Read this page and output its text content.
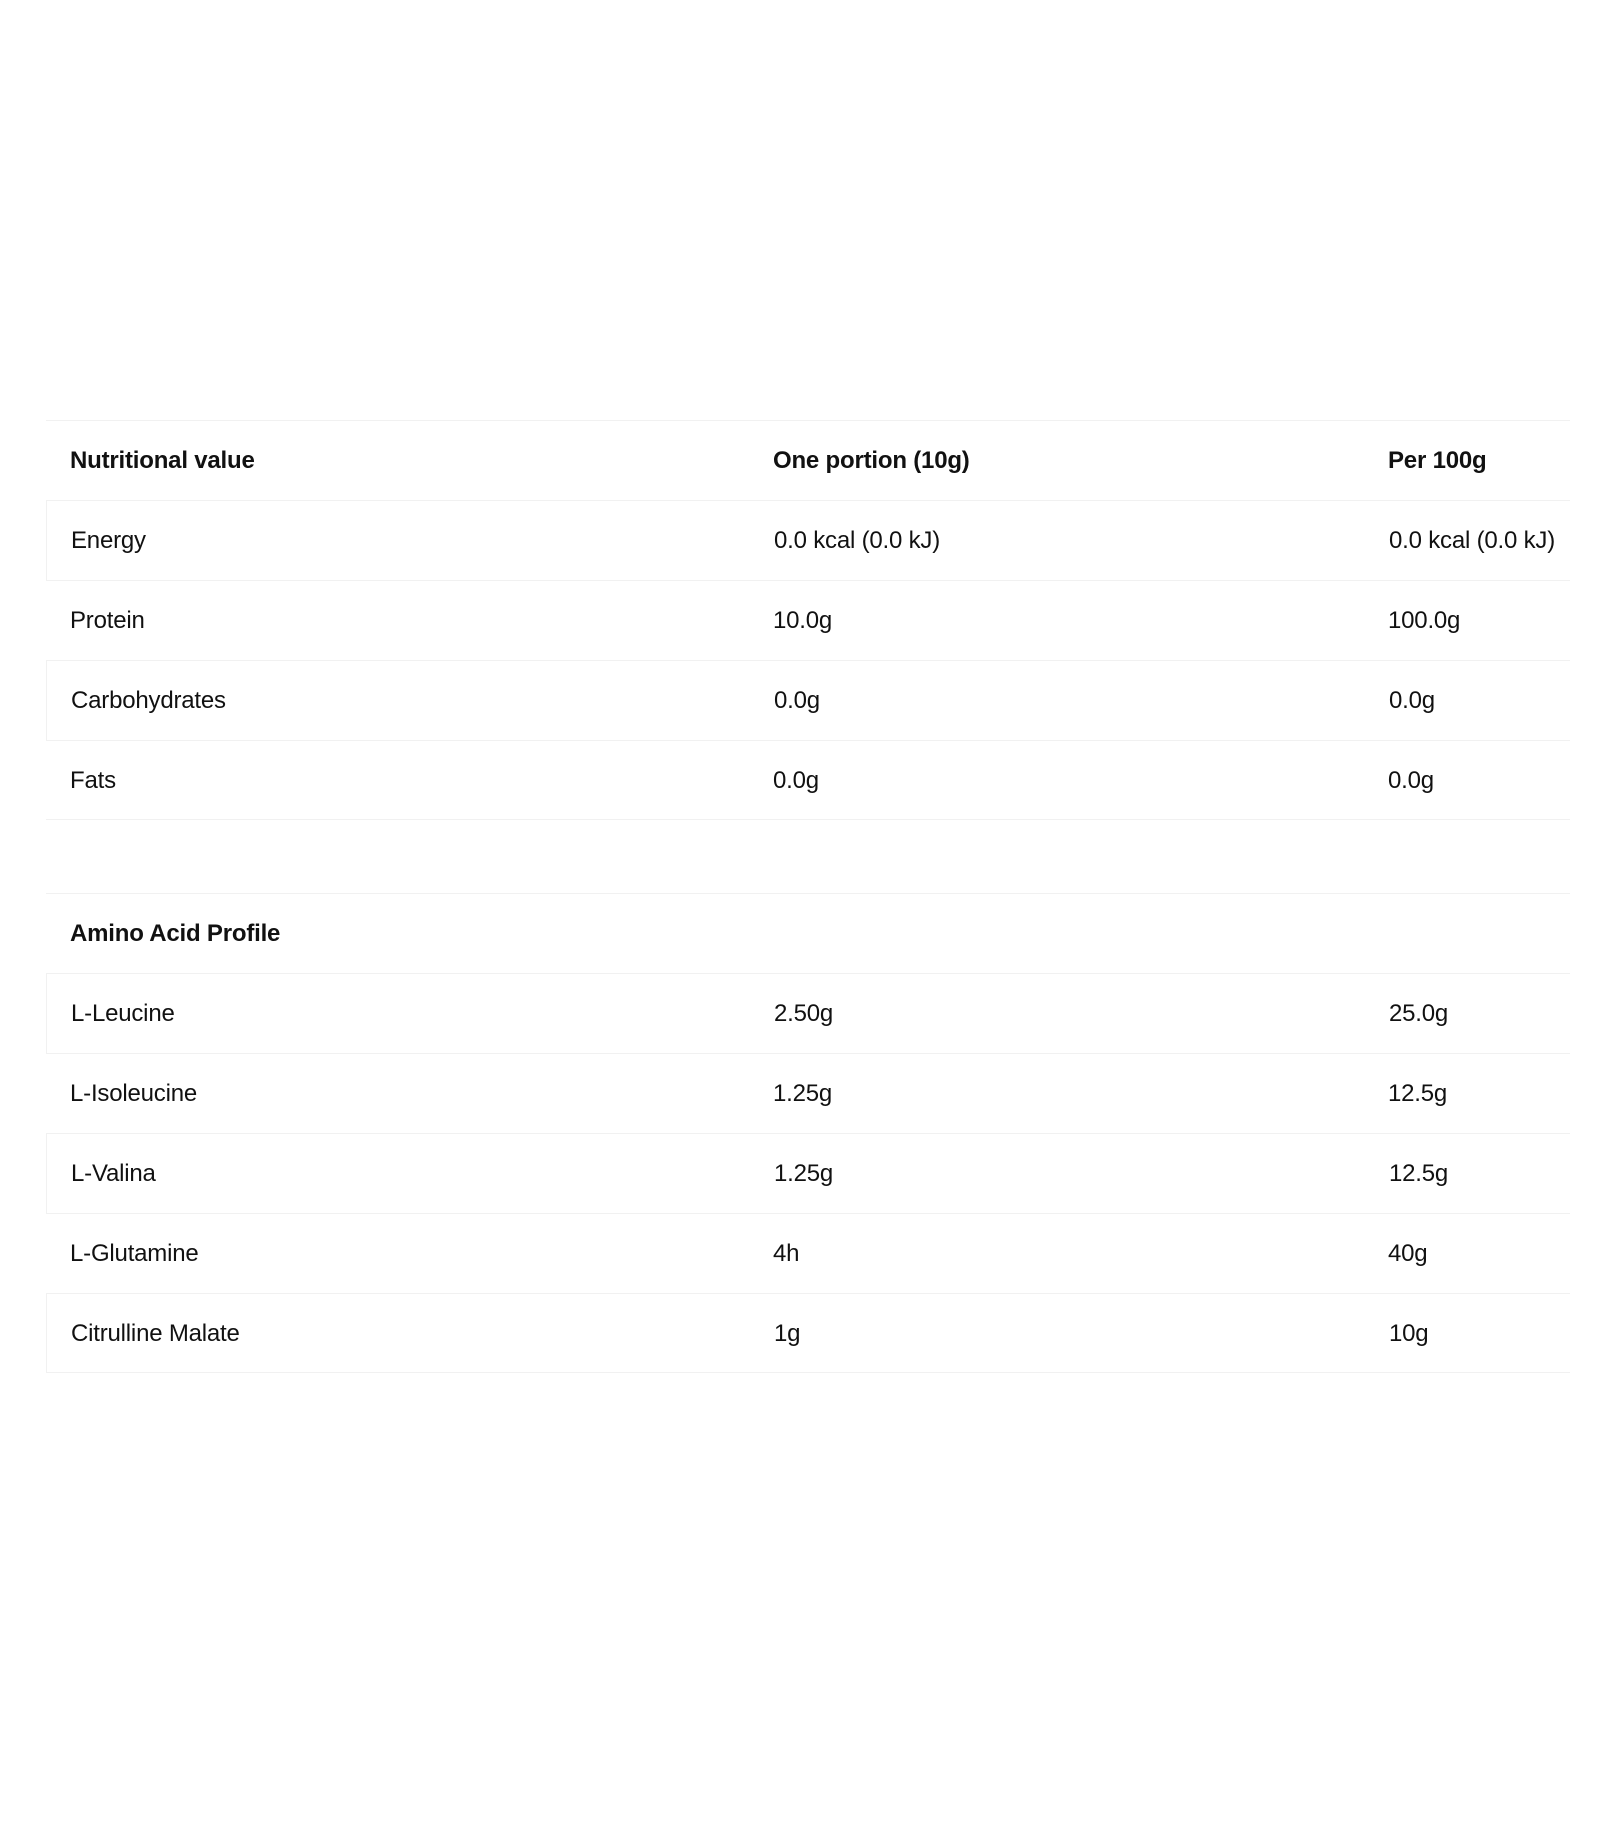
Nutritional value	One portion (10g)	Per 100g
Energy	0.0 kcal (0.0 kJ)	0.0 kcal (0.0 kJ)
Protein	10.0g	100.0g
Carbohydrates	0.0g	0.0g
Fats	0.0g	0.0g
Amino Acid Profile
L-Leucine	2.50g	25.0g
L-Isoleucine	1.25g	12.5g
L-Valina	1.25g	12.5g
L-Glutamine	4h	40g
Citrulline Malate	1g	10g
